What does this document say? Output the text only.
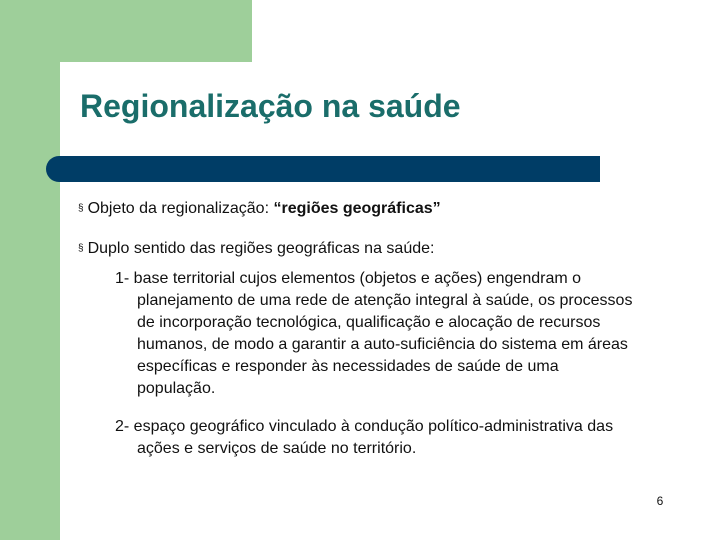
Regionalização na saúde
§ Objeto da regionalização: “regiões geográficas”
§ Duplo sentido das regiões geográficas na saúde:
1- base territorial cujos elementos (objetos e ações) engendram o
planejamento de uma rede de atenção integral à saúde, os processos
de incorporação tecnológica, qualificação e alocação de recursos
humanos, de modo a garantir a auto-suficiência do sistema em áreas
específicas e responder às necessidades de saúde de uma
população.
2- espaço geográfico vinculado à condução político-administrativa das
ações e serviços de saúde no território.
6
